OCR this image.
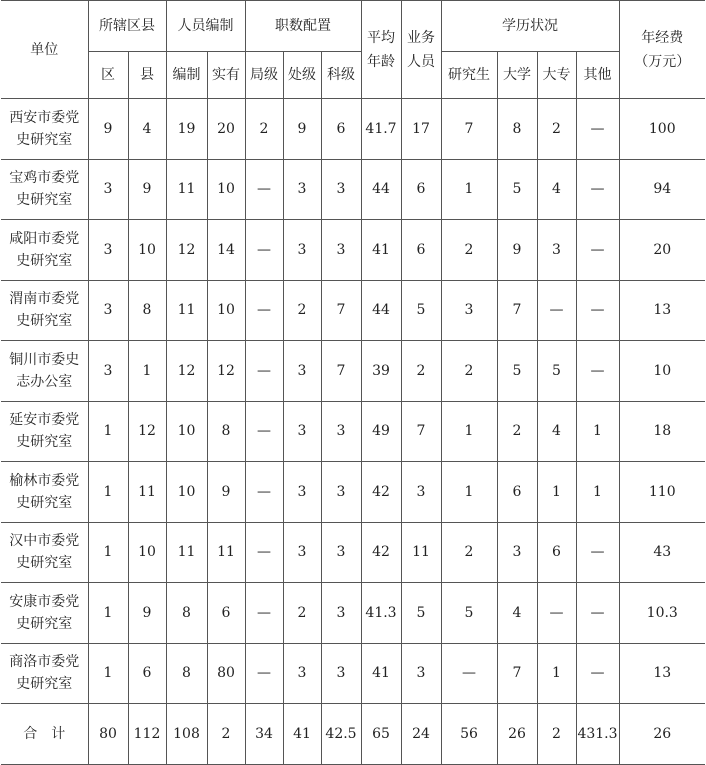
单位	所辖区县		人员编制		职数配置			平均年龄	业务人员	学历状况				年经费（万元）

	区	县	编制	实有	局级	处级	科级			研究生	大学	大专	其他	

西安市委党史研究室	9	4	19	20	2	9	6	41.7	17	7	8	2	—	100

宝鸡市委党史研究室	3	9	11	10	—	3	3	44	6	1	5	4	—	94

咸阳市委党史研究室	3	10	12	14	—	3	3	41	6	2	9	3	—	20

渭南市委党史研究室	3	8	11	10	—	2	7	44	5	3	7	—	—	13

铜川市委史志办公室	3	1	12	12	—	3	7	39	2	2	5	5	—	10

延安市委党史研究室	1	12	10	8	—	3	3	49	7	1	2	4	1	18

榆林市委党史研究室	1	11	10	9	—	3	3	42	3	1	6	1	1	110

汉中市委党史研究室	1	10	11	11	—	3	3	42	11	2	3	6	—	43

安康市委党史研究室	1	9	8	6	—	2	3	41.3	5	5	4	—	—	10.3

商洛市委党史研究室	1	6	8	80	—	3	3	41	3	—	7	1	—	13

合　计	80	112	108	2	34	41	42.5	65	24	56	26	2	431.3	26
